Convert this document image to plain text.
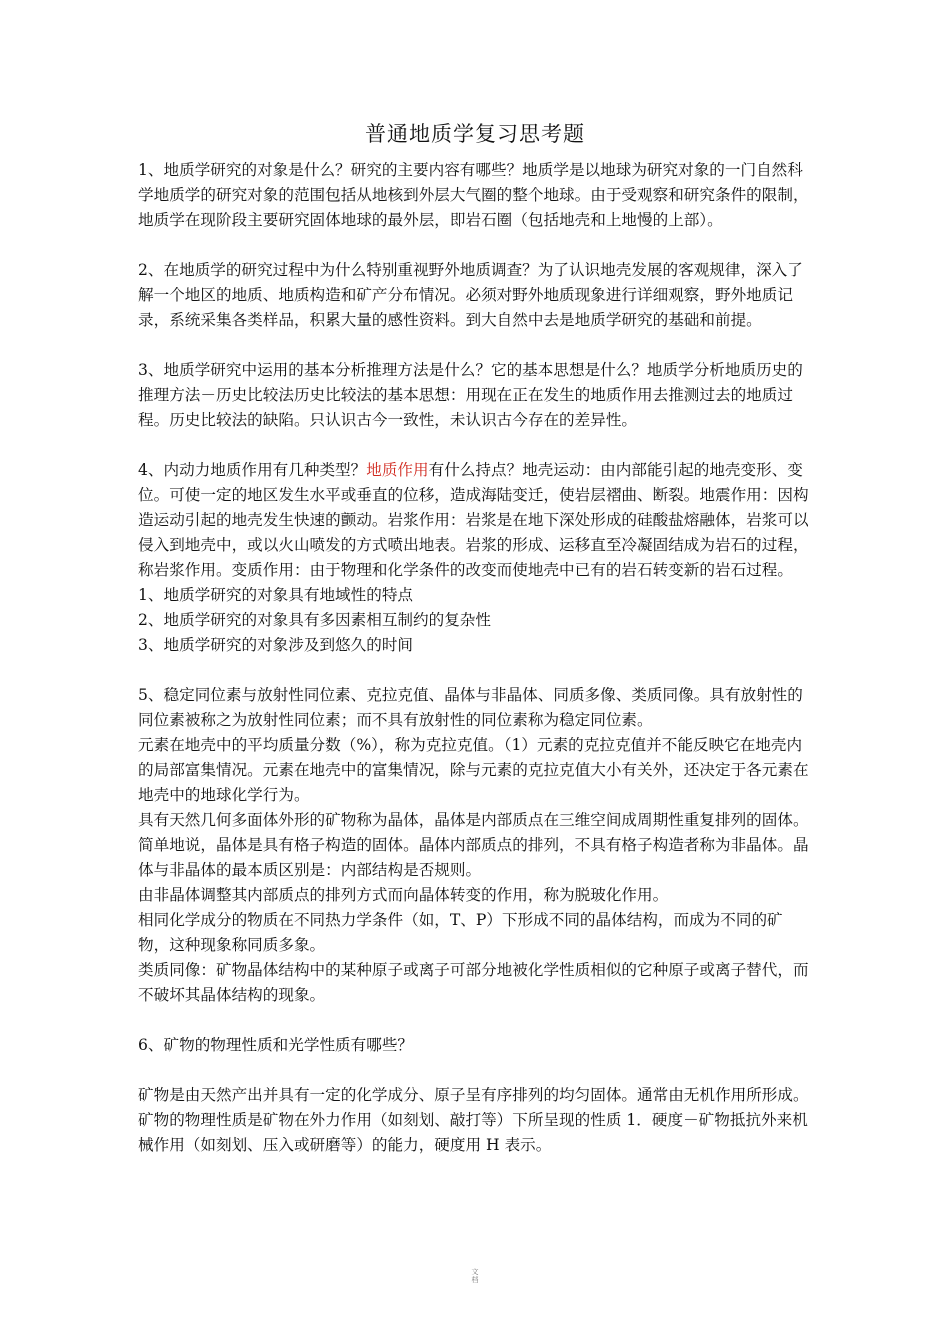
普通地质学复习思考题

1、地质学研究的对象是什么？研究的主要内容有哪些？地质学是以地球为研究对象的一门自然科学地质学的研究对象的范围包括从地核到外层大气圈的整个地球。由于受观察和研究条件的限制，地质学在现阶段主要研究固体地球的最外层，即岩石圈（包括地壳和上地慢的上部）。

2、在地质学的研究过程中为什么特别重视野外地质调查？为了认识地壳发展的客观规律，深入了解一个地区的地质、地质构造和矿产分布情况。必须对野外地质现象进行详细观察，野外地质记录，系统采集各类样品，积累大量的感性资料。到大自然中去是地质学研究的基础和前提。

3、地质学研究中运用的基本分析推理方法是什么？它的基本思想是什么？地质学分析地质历史的推理方法－历史比较法历史比较法的基本思想：用现在正在发生的地质作用去推测过去的地质过程。历史比较法的缺陷。只认识古今一致性，未认识古今存在的差异性。

4、内动力地质作用有几种类型？地质作用有什么持点？地壳运动：由内部能引起的地壳变形、变位。可使一定的地区发生水平或垂直的位移，造成海陆变迁，使岩层褶曲、断裂。地震作用：因构造运动引起的地壳发生快速的颤动。岩浆作用：岩浆是在地下深处形成的硅酸盐熔融体，岩浆可以侵入到地壳中，或以火山喷发的方式喷出地表。岩浆的形成、运移直至冷凝固结成为岩石的过程，称岩浆作用。变质作用：由于物理和化学条件的改变而使地壳中已有的岩石转变新的岩石过程。

1、地质学研究的对象具有地域性的特点

2、地质学研究的对象具有多因素相互制约的复杂性

3、地质学研究的对象涉及到悠久的时间

5、稳定同位素与放射性同位素、克拉克值、晶体与非晶体、同质多像、类质同像。具有放射性的同位素被称之为放射性同位素；而不具有放射性的同位素称为稳定同位素。

元素在地壳中的平均质量分数（%），称为克拉克值。（1）元素的克拉克值并不能反映它在地壳内的局部富集情况。元素在地壳中的富集情况，除与元素的克拉克值大小有关外，还决定于各元素在地壳中的地球化学行为。

具有天然几何多面体外形的矿物称为晶体，晶体是内部质点在三维空间成周期性重复排列的固体。简单地说，晶体是具有格子构造的固体。晶体内部质点的排列，不具有格子构造者称为非晶体。晶体与非晶体的最本质区别是：内部结构是否规则。

由非晶体调整其内部质点的排列方式而向晶体转变的作用，称为脱玻化作用。

相同化学成分的物质在不同热力学条件（如，T、P）下形成不同的晶体结构，而成为不同的矿物，这种现象称同质多象。

类质同像：矿物晶体结构中的某种原子或离子可部分地被化学性质相似的它种原子或离子替代，而不破坏其晶体结构的现象。

6、矿物的物理性质和光学性质有哪些？

矿物是由天然产出并具有一定的化学成分、原子呈有序排列的均匀固体。通常由无机作用所形成。矿物的物理性质是矿物在外力作用（如刻划、敲打等）下所呈现的性质 1．硬度－矿物抵抗外来机械作用（如刻划、压入或研磨等）的能力，硬度用 H 表示。

文
档
